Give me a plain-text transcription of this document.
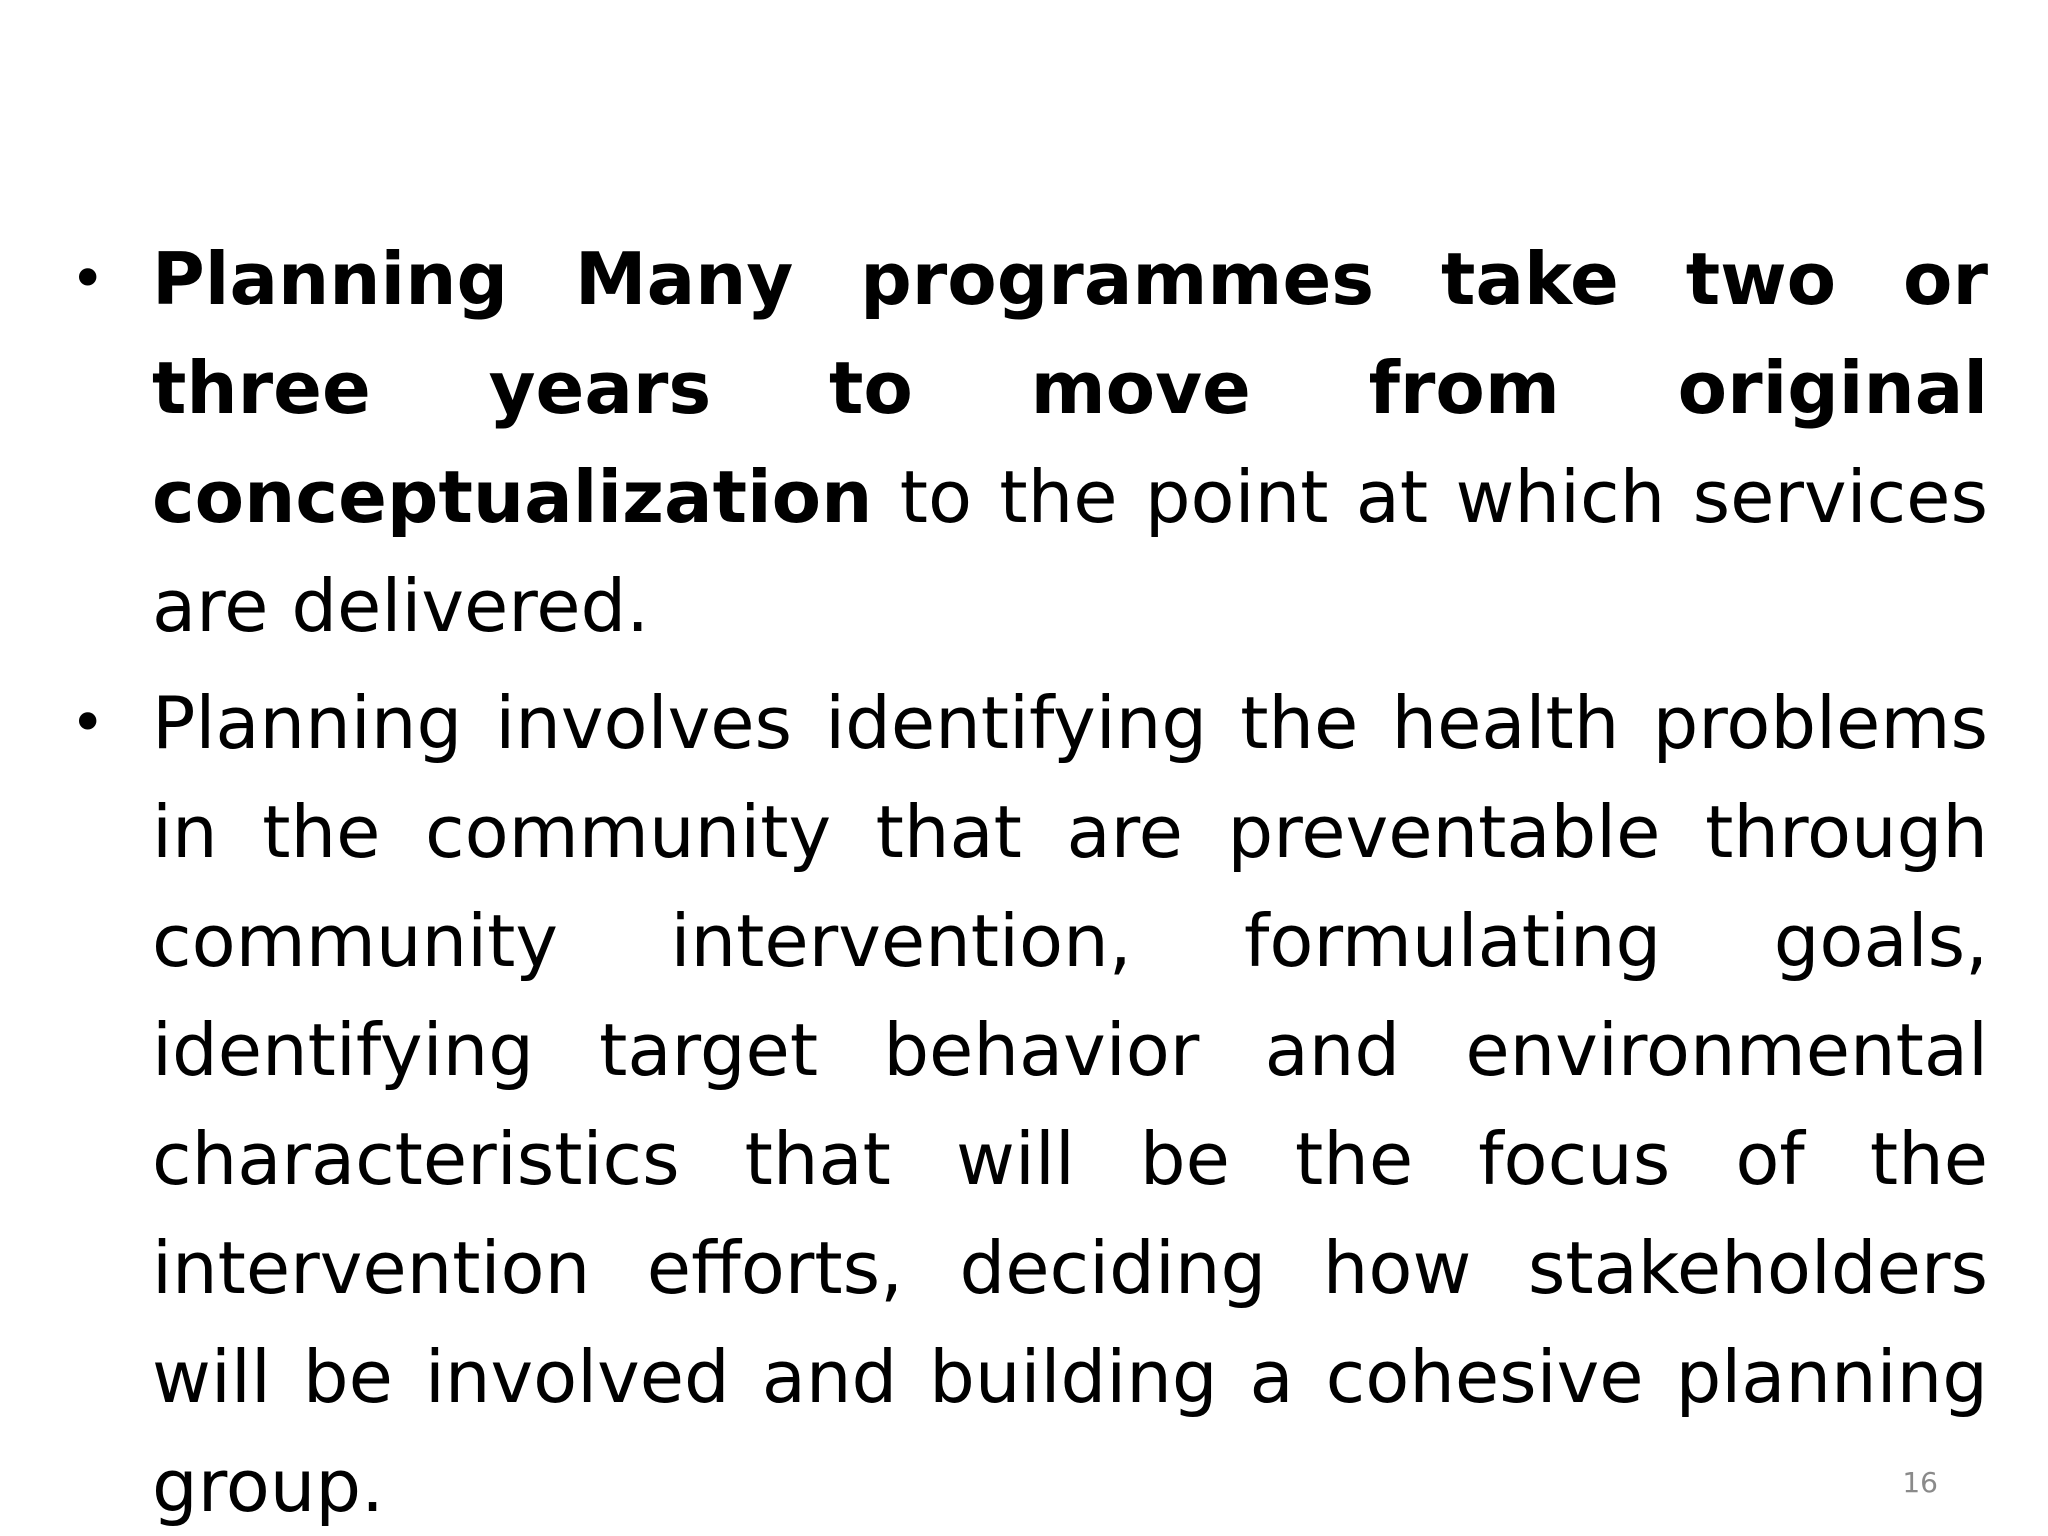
• Planning Many programmes take two or three years to move from original conceptualization to the point at which services are delivered.
• Planning involves identifying the health problems in the community that are preventable through community intervention, formulating goals, identifying target behavior and environmental characteristics that will be the focus of the intervention efforts, deciding how stakeholders will be involved and building a cohesive planning group.	16
